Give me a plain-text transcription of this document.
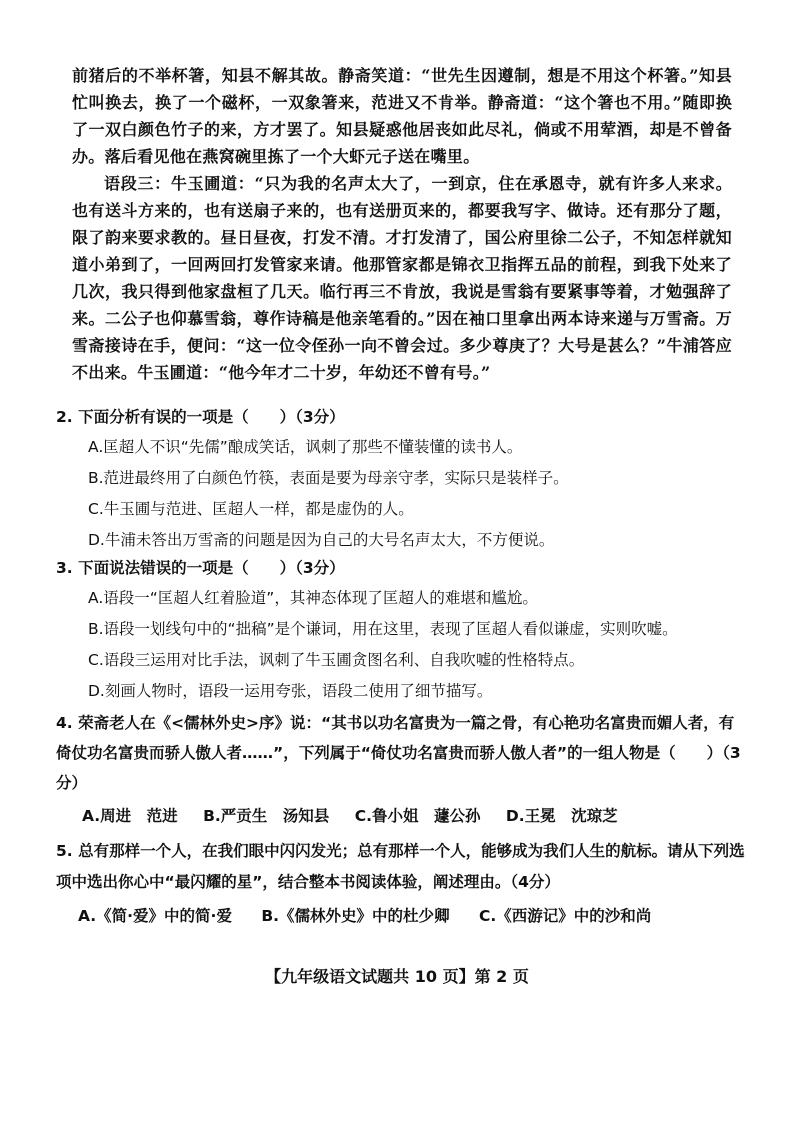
前猪后的不举杯箸，知县不解其故。静斋笑道：“世先生因遵制，想是不用这个杯箸。”知县忙叫换去，换了一个磁杯，一双象箸来，范进又不肯举。静斋道：“这个箸也不用。”随即换了一双白颜色竹子的来，方才罢了。知县疑惑他居丧如此尽礼，倘或不用荤酒，却是不曾备办。落后看见他在燕窝碗里拣了一个大虾元子送在嘴里。

语段三：牛玉圃道：“只为我的名声太大了，一到京，住在承恩寺，就有许多人来求。也有送斗方来的，也有送扇子来的，也有送册页来的，都要我写字、做诗。还有那分了题，限了韵来要求教的。昼日昼夜，打发不清。才打发清了，国公府里徐二公子，不知怎样就知道小弟到了，一回两回打发管家来请。他那管家都是锦衣卫指挥五品的前程，到我下处来了几次，我只得到他家盘桓了几天。临行再三不肯放，我说是雪翁有要紧事等着，才勉强辞了来。二公子也仰慕雪翁，尊作诗稿是他亲笔看的。”因在袖口里拿出两本诗来递与万雪斋。万雪斋接诗在手，便问：“这一位令侄孙一向不曾会过。多少尊庚了？大号是甚么？”牛浦答应不出来。牛玉圃道：“他今年才二十岁，年幼还不曾有号。”

2. 下面分析有误的一项是（　　）（3分）
A.匡超人不识“先儒”酿成笑话，讽刺了那些不懂装懂的读书人。
B.范进最终用了白颜色竹筷，表面是要为母亲守孝，实际只是装样子。
C.牛玉圃与范进、匡超人一样，都是虚伪的人。
D.牛浦未答出万雪斋的问题是因为自己的大号名声太大，不方便说。
3. 下面说法错误的一项是（　　）（3分）
A.语段一“匡超人红着脸道”，其神态体现了匡超人的难堪和尴尬。
B.语段一划线句中的“拙稿”是个谦词，用在这里，表现了匡超人看似谦虚，实则吹嘘。
C.语段三运用对比手法，讽刺了牛玉圃贪图名利、自我吹嘘的性格特点。
D.刻画人物时，语段一运用夸张，语段二使用了细节描写。
4. 荣斋老人在《<儒林外史>序》说：“其书以功名富贵为一篇之骨，有心艳功名富贵而媚人者，有倚仗功名富贵而骄人傲人者……”，下列属于“倚仗功名富贵而骄人傲人者”的一组人物是（　　）（3分）
A.周进　范进 B.严贡生　汤知县 C.鲁小姐　蘧公孙 D.王冕　沈琼芝
5. 总有那样一个人，在我们眼中闪闪发光；总有那样一个人，能够成为我们人生的航标。请从下列选项中选出你心中“最闪耀的星”，结合整本书阅读体验，阐述理由。（4分）
A.《简·爱》中的简·爱 B.《儒林外史》中的杜少卿 C.《西游记》中的沙和尚
【九年级语文试题共 10 页】第 2 页
